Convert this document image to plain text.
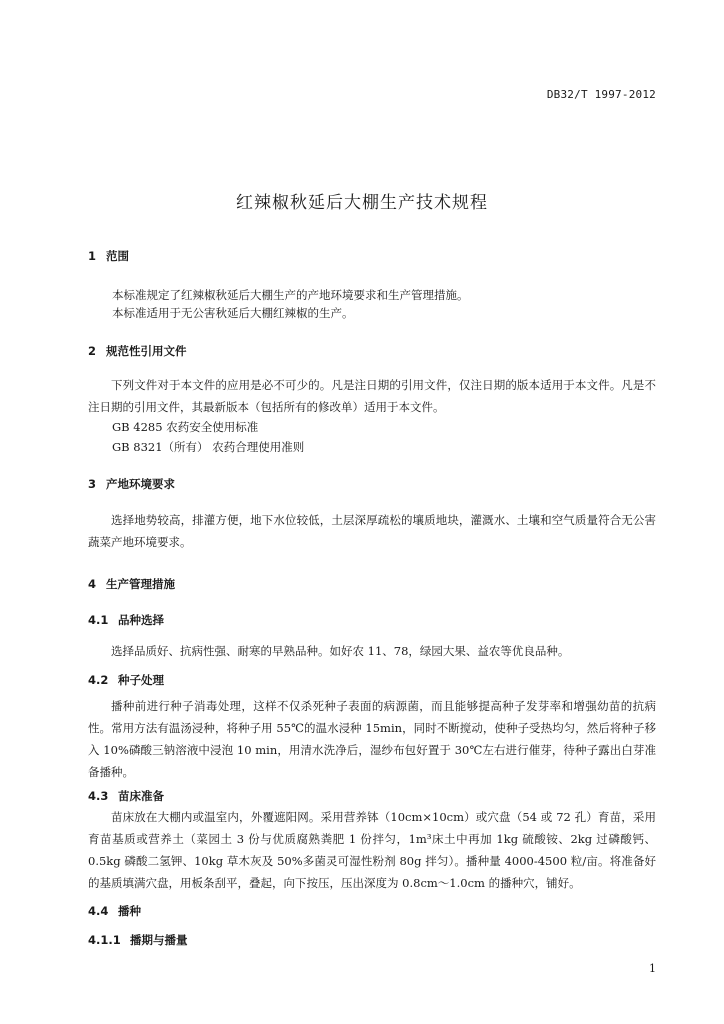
DB32/T 1997-2012
红辣椒秋延后大棚生产技术规程
1 范围
本标准规定了红辣椒秋延后大棚生产的产地环境要求和生产管理措施。
本标准适用于无公害秋延后大棚红辣椒的生产。
2 规范性引用文件
下列文件对于本文件的应用是必不可少的。凡是注日期的引用文件，仅注日期的版本适用于本文件。凡是不注日期的引用文件，其最新版本（包括所有的修改单）适用于本文件。
GB 4285 农药安全使用标准
GB 8321（所有） 农药合理使用准则
3 产地环境要求
选择地势较高，排灌方便，地下水位较低，土层深厚疏松的壤质地块，灌溉水、土壤和空气质量符合无公害蔬菜产地环境要求。
4 生产管理措施
4.1 品种选择
选择品质好、抗病性强、耐寒的早熟品种。如好农 11、78，绿园大果、益农等优良品种。
4.2 种子处理
播种前进行种子消毒处理，这样不仅杀死种子表面的病源菌，而且能够提高种子发芽率和增强幼苗的抗病性。常用方法有温汤浸种，将种子用 55℃的温水浸种 15min，同时不断搅动，使种子受热均匀，然后将种子移入 10%磷酸三钠溶液中浸泡 10 min，用清水洗净后，湿纱布包好置于 30℃左右进行催芽，待种子露出白芽准备播种。
4.3 苗床准备
苗床放在大棚内或温室内，外覆遮阳网。采用营养钵（10cm×10cm）或穴盘（54 或 72 孔）育苗，采用育苗基质或营养土（菜园土 3 份与优质腐熟粪肥 1 份拌匀，1m³床土中再加 1kg 硫酸铵、2kg 过磷酸钙、0.5kg 磷酸二氢钾、10kg 草木灰及 50%多菌灵可湿性粉剂 80g 拌匀）。播种量 4000-4500 粒/亩。将准备好的基质填满穴盘，用板条刮平，叠起，向下按压，压出深度为 0.8cm～1.0cm 的播种穴，铺好。
4.4 播种
4.1.1 播期与播量
1
